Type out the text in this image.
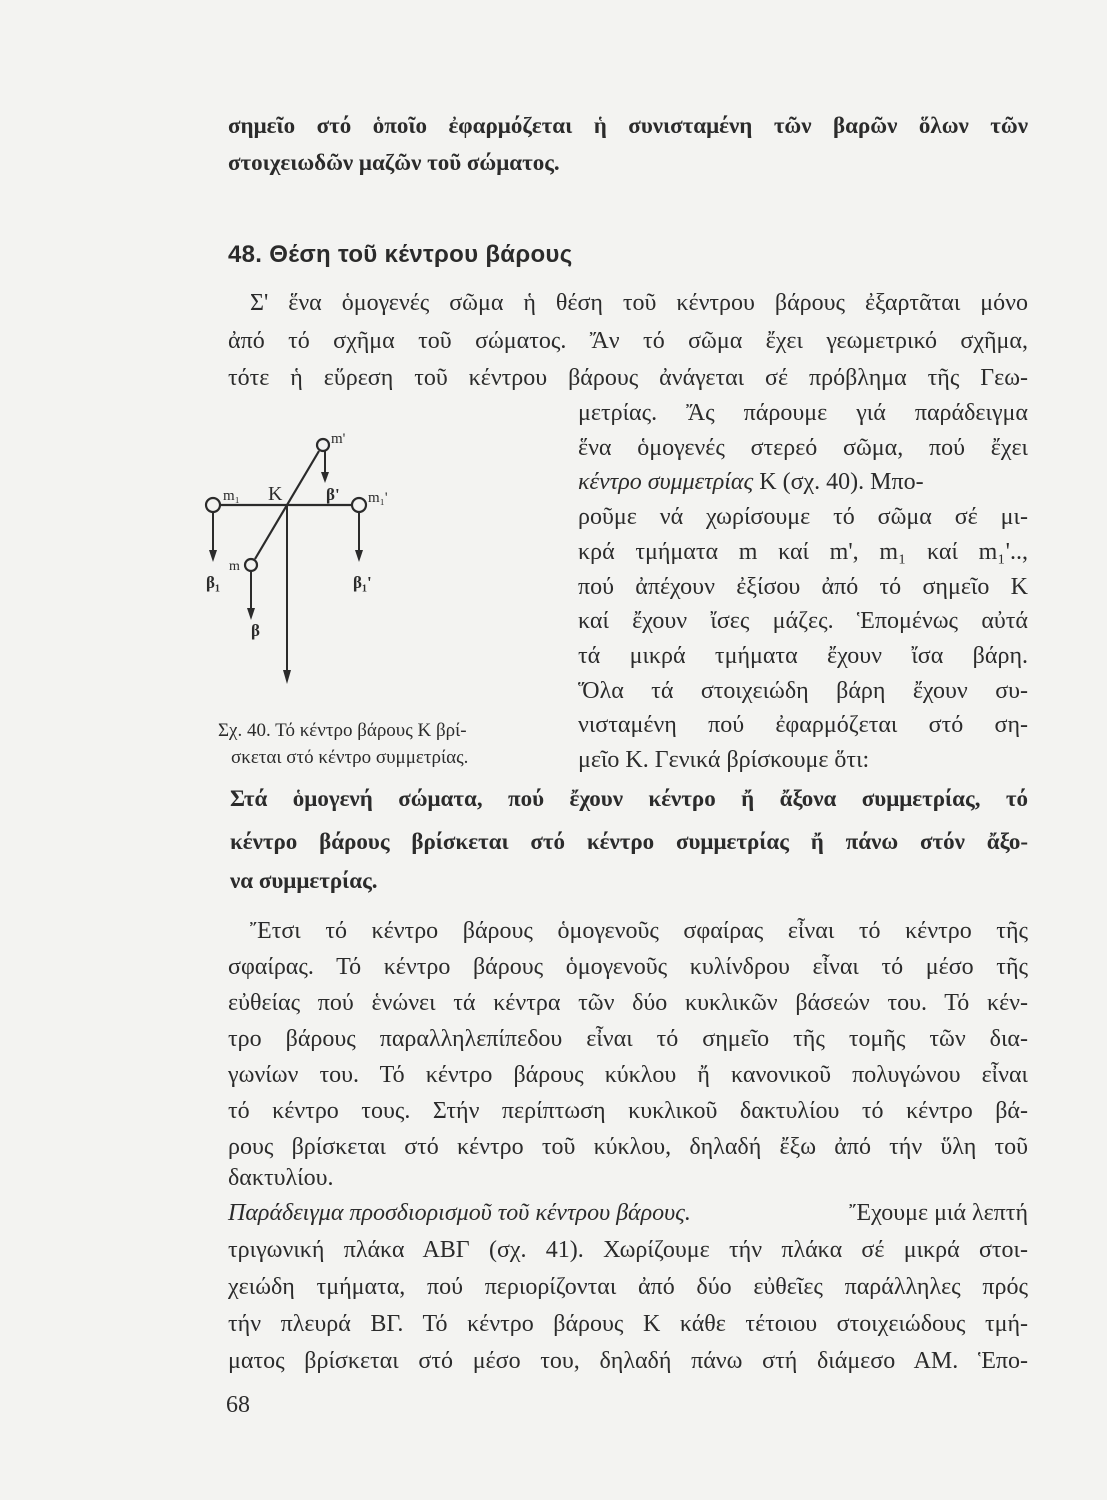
σημεῖο στό ὁποῖο ἐφαρμόζεται ἡ συνισταμένη τῶν βαρῶν ὅλων τῶν
στοιχειωδῶν μαζῶν τοῦ σώματος.
48. Θέση τοῦ κέντρου βάρους
Σ' ἕνα ὁμογενές σῶμα ἡ θέση τοῦ κέντρου βάρους ἐξαρτᾶται μόνο
ἀπό τό σχῆμα τοῦ σώματος. Ἄν τό σῶμα ἔχει γεωμετρικό σχῆμα,
τότε ἡ εὕρεση τοῦ κέντρου βάρους ἀνάγεται σέ πρόβλημα τῆς Γεω-
μετρίας. Ἄς πάρουμε γιά παράδειγμα
ἕνα ὁμογενές στερεό σῶμα, πού ἔχει
κέντρο συμμετρίας Κ (σχ. 40). Μπο-
ροῦμε νά χωρίσουμε τό σῶμα σέ μι-
κρά τμήματα m καί m', m₁ καί m₁'..,
πού ἀπέχουν ἐξίσου ἀπό τό σημεῖο Κ
καί ἔχουν ἴσες μάζες. Ἑπομένως αὐτά
τά μικρά τμήματα ἔχουν ἴσα βάρη.
Ὅλα τά στοιχειώδη βάρη ἔχουν συ-
νισταμένη πού ἐφαρμόζεται στό ση-
μεῖο Κ. Γενικά βρίσκουμε ὅτι:
m₁	m₁'
m'
m
K
β₁	β₁'
β'
β
Σχ. 40. Τό κέντρο βάρους Κ βρί-
σκεται στό κέντρο συμμετρίας.
Στά ὁμογενή σώματα, πού ἔχουν κέντρο ἤ ἄξονα συμμετρίας, τό
κέντρο βάρους βρίσκεται στό κέντρο συμμετρίας ἤ πάνω στόν ἄξο-
να συμμετρίας.
Ἔτσι τό κέντρο βάρους ὁμογενοῦς σφαίρας εἶναι τό κέντρο τῆς
σφαίρας. Τό κέντρο βάρους ὁμογενοῦς κυλίνδρου εἶναι τό μέσο τῆς
εὐθείας πού ἑνώνει τά κέντρα τῶν δύο κυκλικῶν βάσεών του. Τό κέν-
τρο βάρους παραλληλεπίπεδου εἶναι τό σημεῖο τῆς τομῆς τῶν δια-
γωνίων του. Τό κέντρο βάρους κύκλου ἤ κανονικοῦ πολυγώνου εἶναι
τό κέντρο τους. Στήν περίπτωση κυκλικοῦ δακτυλίου τό κέντρο βά-
ρους βρίσκεται στό κέντρο τοῦ κύκλου, δηλαδή ἔξω ἀπό τήν ὕλη τοῦ
δακτυλίου.
Παράδειγμα προσδιορισμοῦ τοῦ κέντρου βάρους.	Ἔχουμε μιά λεπτή
τριγωνική πλάκα ΑΒΓ (σχ. 41). Χωρίζουμε τήν πλάκα σέ μικρά στοι-
χειώδη τμήματα, πού περιορίζονται ἀπό δύο εὐθεῖες παράλληλες πρός
τήν πλευρά ΒΓ. Τό κέντρο βάρους Κ κάθε τέτοιου στοιχειώδους τμή-
ματος βρίσκεται στό μέσο του, δηλαδή πάνω στή διάμεσο ΑΜ. Ἑπο-
68
